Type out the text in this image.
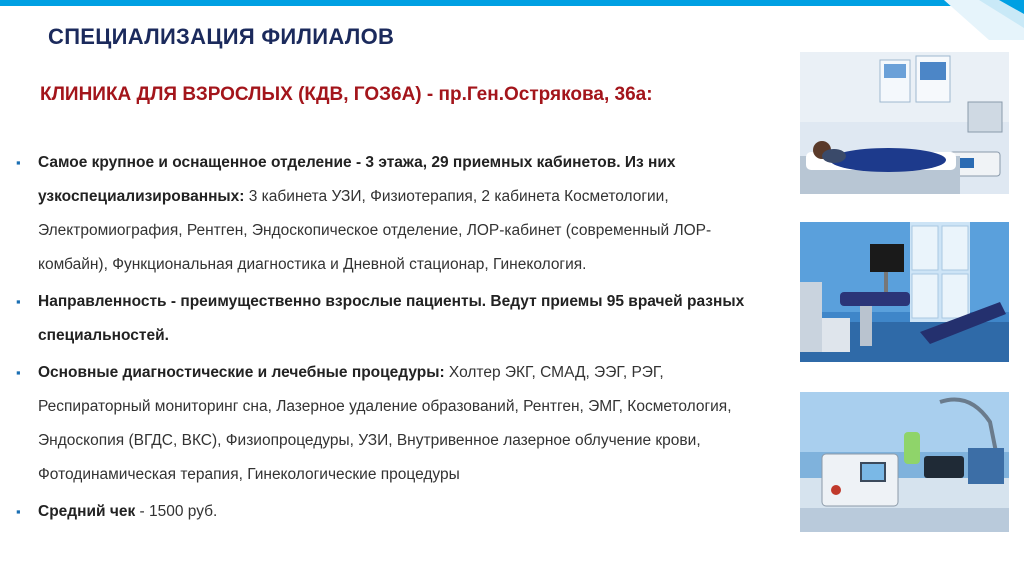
СПЕЦИАЛИЗАЦИЯ ФИЛИАЛОВ
КЛИНИКА ДЛЯ ВЗРОСЛЫХ (КДВ, ГОЗ6А) - пр.Ген.Острякова, 36а:
▪ Самое крупное и оснащенное отделение - 3 этажа, 29 приемных кабинетов. Из них узкоспециализированных: 3 кабинета УЗИ, Физиотерапия, 2 кабинета Косметологии, Электромиография, Рентген, Эндоскопическое отделение, ЛОР-кабинет (современный ЛОР-комбайн), Функциональная диагностика и Дневной стационар, Гинекология.
▪ Направленность - преимущественно взрослые пациенты. Ведут приемы 95 врачей разных специальностей.
▪ Основные диагностические и лечебные процедуры: Холтер ЭКГ, СМАД, ЭЭГ, РЭГ, Респираторный мониторинг сна, Лазерное удаление образований, Рентген, ЭМГ, Косметология, Эндоскопия (ВГДС, ВКС), Физиопроцедуры, УЗИ, Внутривенное лазерное облучение крови, Фотодинамическая терапия, Гинекологические процедуры
▪ Средний чек - 1500 руб.
